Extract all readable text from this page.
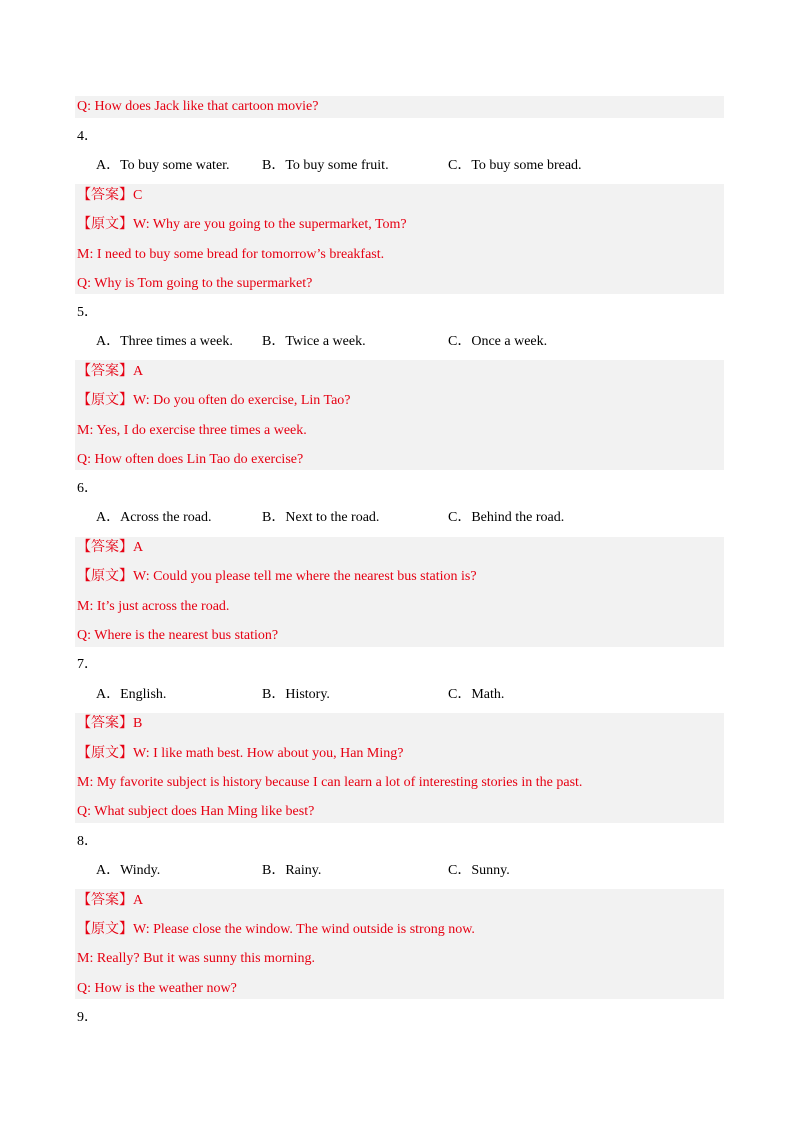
Q: How does Jack like that cartoon movie?
4．
A．To buy some water. B．To buy some fruit.	C．To buy some bread.
【答案】C
【原文】W: Why are you going to the supermarket, Tom?
M: I need to buy some bread for tomorrow’s breakfast.
Q: Why is Tom going to the supermarket?
5．
A．Three times a week. B．Twice a week.	C．Once a week.
【答案】A
【原文】W: Do you often do exercise, Lin Tao?
M: Yes, I do exercise three times a week.
Q: How often does Lin Tao do exercise?
6．
A．Across the road.	B．Next to the road.	C．Behind the road.
【答案】A
【原文】W: Could you please tell me where the nearest bus station is?
M: It’s just across the road.
Q: Where is the nearest bus station?
7．
A．English.	B．History.	C．Math.
【答案】B
【原文】W: I like math best. How about you, Han Ming?
M: My favorite subject is history because I can learn a lot of interesting stories in the past.
Q: What subject does Han Ming like best?
8．
A．Windy.	B．Rainy.	C．Sunny.
【答案】A
【原文】W: Please close the window. The wind outside is strong now.
M: Really? But it was sunny this morning.
Q: How is the weather now?
9．
